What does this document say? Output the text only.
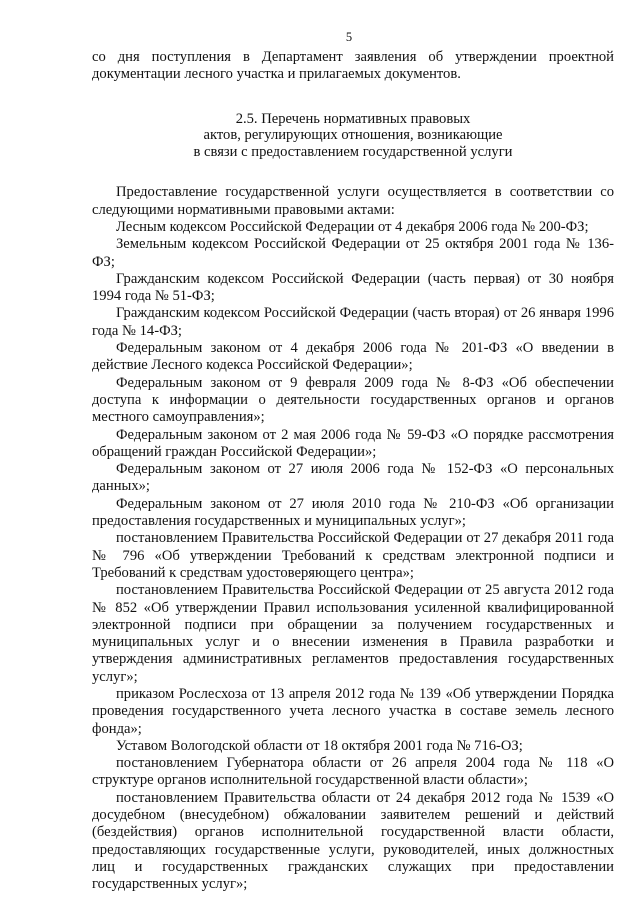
5

со дня поступления в Департамент заявления об утверждении проектной документации лесного участка и прилагаемых документов.

2.5. Перечень нормативных правовых
актов, регулирующих отношения, возникающие
в связи с предоставлением государственной услуги

Предоставление государственной услуги осуществляется в соответствии со следующими нормативными правовыми актами:

Лесным кодексом Российской Федерации от 4 декабря 2006 года № 200-ФЗ;

Земельным кодексом Российской Федерации от 25 октября 2001 года № 136-ФЗ;

Гражданским кодексом Российской Федерации (часть первая) от 30 ноября 1994 года № 51-ФЗ;

Гражданским кодексом Российской Федерации (часть вторая) от 26 января 1996 года № 14-ФЗ;

Федеральным законом от 4 декабря 2006 года № 201-ФЗ «О введении в действие Лесного кодекса Российской Федерации»;

Федеральным законом от 9 февраля 2009 года № 8-ФЗ «Об обеспечении доступа к информации о деятельности государственных органов и органов местного самоуправления»;

Федеральным законом от 2 мая 2006 года № 59-ФЗ «О порядке рассмотрения обращений граждан Российской Федерации»;

Федеральным законом от 27 июля 2006 года № 152-ФЗ «О персональных данных»;

Федеральным законом от 27 июля 2010 года № 210-ФЗ «Об организации предоставления государственных и муниципальных услуг»;

постановлением Правительства Российской Федерации от 27 декабря 2011 года № 796 «Об утверждении Требований к средствам электронной подписи и Требований к средствам удостоверяющего центра»;

постановлением Правительства Российской Федерации от 25 августа 2012 года № 852 «Об утверждении Правил использования усиленной квалифицированной электронной подписи при обращении за получением государственных и муниципальных услуг и о внесении изменения в Правила разработки и утверждения административных регламентов предоставления государственных услуг»;

приказом Рослесхоза от 13 апреля 2012 года № 139 «Об утверждении Порядка проведения государственного учета лесного участка в составе земель лесного фонда»;

Уставом Вологодской области от 18 октября 2001 года № 716-ОЗ;

постановлением Губернатора области от 26 апреля 2004 года № 118 «О структуре органов исполнительной государственной власти области»;

постановлением Правительства области от 24 декабря 2012 года № 1539 «О досудебном (внесудебном) обжаловании заявителем решений и действий (бездействия) органов исполнительной государственной власти области, предоставляющих государственные услуги, руководителей, иных должностных лиц и государственных гражданских служащих при предоставлении государственных услуг»;
